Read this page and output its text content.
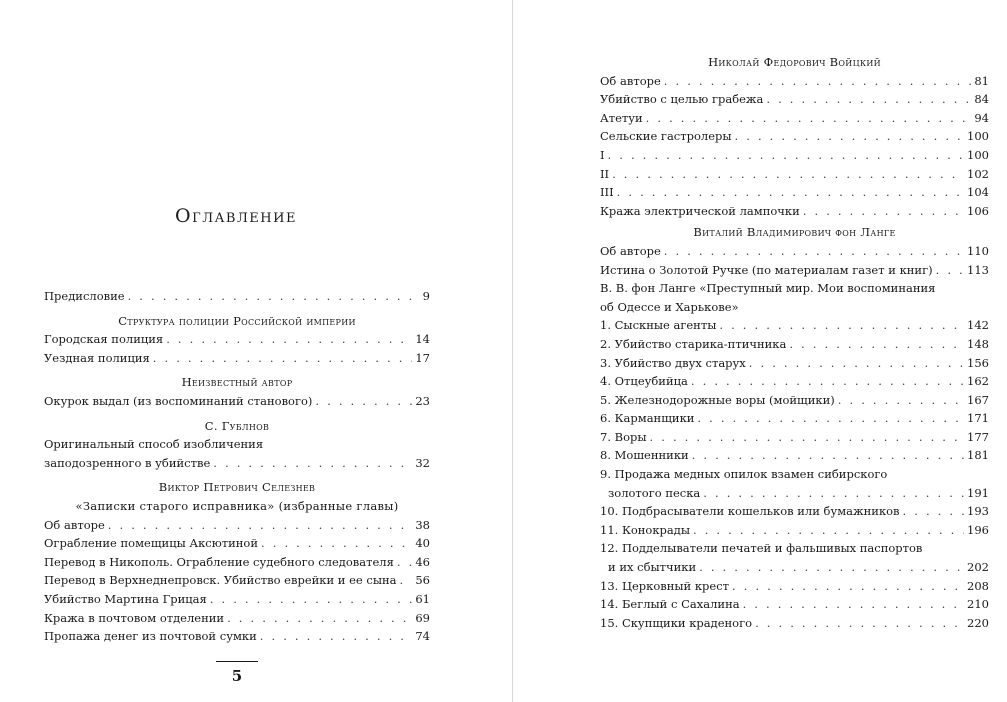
Оглавление
Предисловие . . .	9
Структура полиции Российской империи
Городская полиция . . .	14
Уездная полиция . . .	17
Неизвестный автор
Окурок выдал (из воспоминаний станового) . . .	23
С. Гублнов
Оригинальный способ изобличения
заподозренного в убийстве . . .	32
Виктор Петрович Селезнев
«Записки старого исправника» (избранные главы)
Об авторе . . .	38
Ограбление помещицы Аксютиной . . .	40
Перевод в Никополь. Ограбление судебного следователя . . . 46
Перевод в Верхнеднепровск. Убийство еврейки и ее сына . . . 56
Убийство Мартина Грицая . . .	61
Кража в почтовом отделении . . .	69
Пропажа денег из почтовой сумки . . .	74
5
Николай Федорович Войцкий
Об авторе . . .	81
Убийство с целью грабежа . . .	84
Атетуи . . .	94
Сельские гастролеры . . .	100
I . . .	100
II . . .	102
III . . .	104
Кража электрической лампочки . . .	106
Виталий Владимирович фон Ланге
Об авторе . . .	110
Истина о Золотой Ручке (по материалам газет и книг) . . .	113
В. В. фон Ланге «Преступный мир. Мои воспоминания
об Одессе и Харькове»
1. Сыскные агенты . . .	142
2. Убийство старика-птичника . . .	148
3. Убийство двух старух . . .	156
4. Отцеубийца . . .	162
5. Железнодорожные воры (мойщики) . . .	167
6. Карманщики . . .	171
7. Воры . . .	177
8. Мошенники . . .	181
9. Продажа медных опилок взамен сибирского
золотого песка . . .	191
10. Подбрасыватели кошельков или бумажников . . .	193
11. Конокрады . . .	196
12. Подделыватели печатей и фальшивых паспортов
и их сбытчики . . .	202
13. Церковный крест . . .	208
14. Беглый с Сахалина . . .	210
15. Скупщики краденого . . .	220
